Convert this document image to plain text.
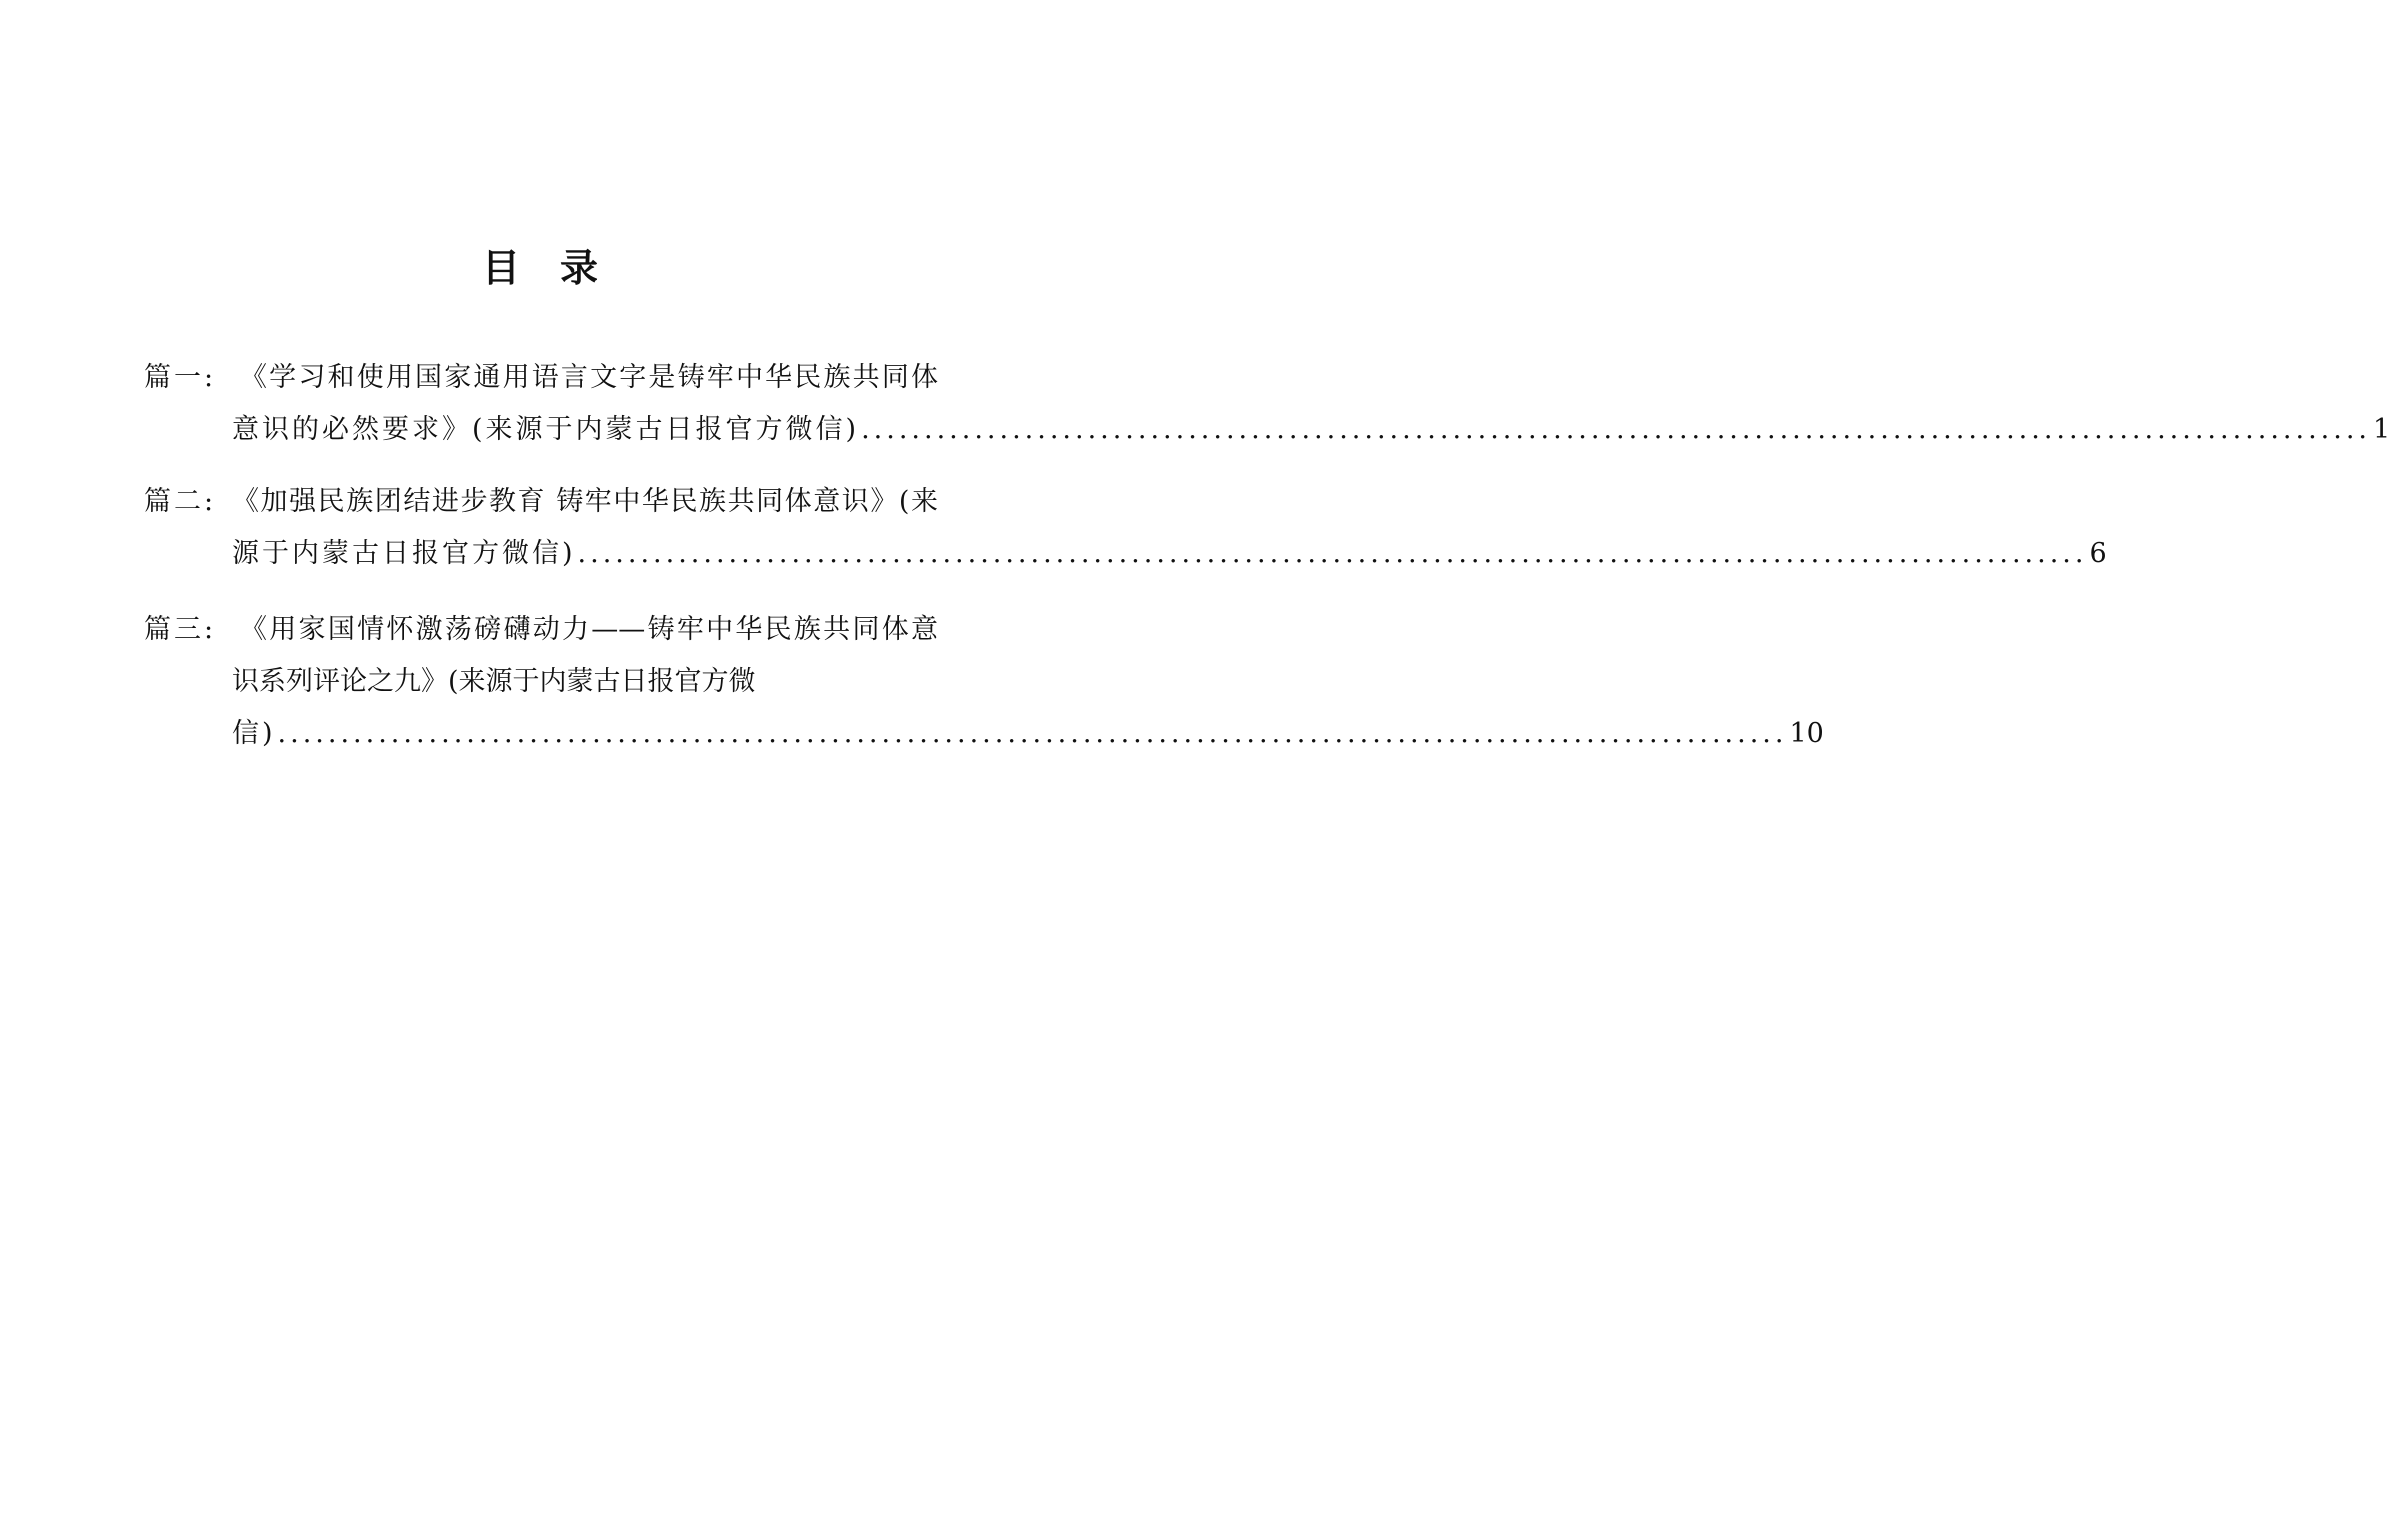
目录
篇一: 《学习和使用国家通用语言文字是铸牢中华民族共同体
意识的必然要求》(来源于内蒙古日报官方微信) ........................................................................................................................ 1
篇二: 《加强民族团结进步教育 铸牢中华民族共同体意识》(来
源于内蒙古日报官方微信) ........................................................................................................................ 6
篇三: 《用家国情怀激荡磅礴动力——铸牢中华民族共同体意
识系列评论之九》(来源于内蒙古日报官方微
信) ........................................................................................................................ 10
